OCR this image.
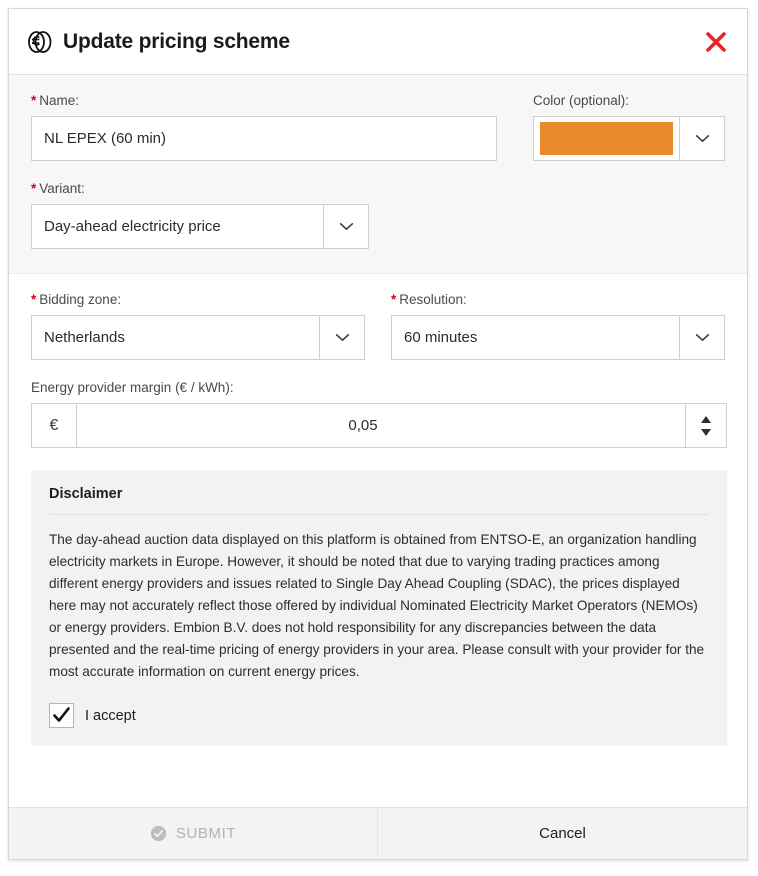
Update pricing scheme
* Name:
NL EPEX (60 min)
Color (optional):
* Variant:
Day-ahead electricity price
* Bidding zone:
Netherlands
* Resolution:
60 minutes
Energy provider margin (€ / kWh):
€	0,05
Disclaimer
The day-ahead auction data displayed on this platform is obtained from ENTSO-E, an organization handling electricity markets in Europe. However, it should be noted that due to varying trading practices among different energy providers and issues related to Single Day Ahead Coupling (SDAC), the prices displayed here may not accurately reflect those offered by individual Nominated Electricity Market Operators (NEMOs) or energy providers. Embion B.V. does not hold responsibility for any discrepancies between the data presented and the real-time pricing of energy providers in your area. Please consult with your provider for the most accurate information on current energy prices.
I accept
SUBMIT	Cancel
